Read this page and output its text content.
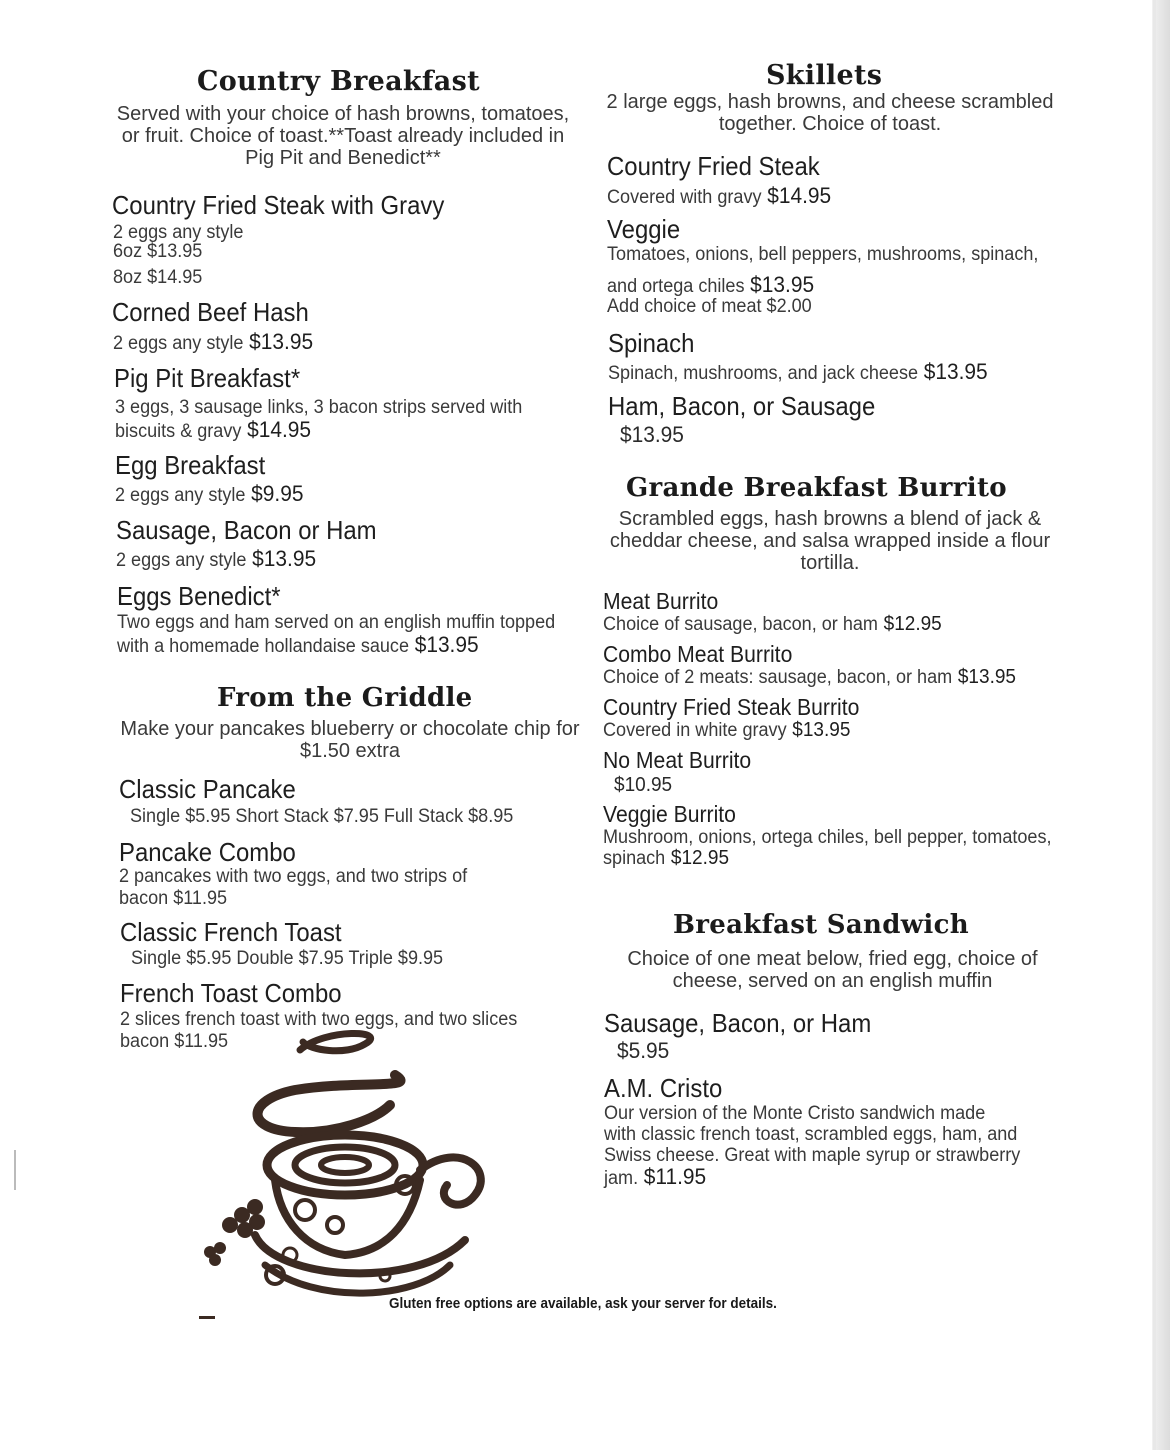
Country Breakfast
Served with your choice of hash browns, tomatoes,
or fruit. Choice of toast.**Toast already included in
Pig Pit and Benedict**
Country Fried Steak with Gravy
2 eggs any style
6oz $13.95
8oz $14.95
Corned Beef Hash
2 eggs any style $13.95
Pig Pit Breakfast*
3 eggs, 3 sausage links, 3 bacon strips served with
biscuits & gravy $14.95
Egg Breakfast
2 eggs any style $9.95
Sausage, Bacon or Ham
2 eggs any style $13.95
Eggs Benedict*
Two eggs and ham served on an english muffin topped
with a homemade hollandaise sauce $13.95
From the Griddle
Make your pancakes blueberry or chocolate chip for
$1.50 extra
Classic Pancake
Single $5.95 Short Stack $7.95 Full Stack $8.95
Pancake Combo
2 pancakes with two eggs, and two strips of
bacon $11.95
Classic French Toast
Single $5.95 Double $7.95 Triple $9.95
French Toast Combo
2 slices french toast with two eggs, and two slices
bacon $11.95
Skillets
2 large eggs, hash browns, and cheese scrambled
together. Choice of toast.
Country Fried Steak
Covered with gravy $14.95
Veggie
Tomatoes, onions, bell peppers, mushrooms, spinach,
and ortega chiles $13.95
Add choice of meat $2.00
Spinach
Spinach, mushrooms, and jack cheese $13.95
Ham, Bacon, or Sausage
$13.95
Grande Breakfast Burrito
Scrambled eggs, hash browns a blend of jack &
cheddar cheese, and salsa wrapped inside a flour
tortilla.
Meat Burrito
Choice of sausage, bacon, or ham $12.95
Combo Meat Burrito
Choice of 2 meats: sausage, bacon, or ham $13.95
Country Fried Steak Burrito
Covered in white gravy $13.95
No Meat Burrito
$10.95
Veggie Burrito
Mushroom, onions, ortega chiles, bell pepper, tomatoes,
spinach $12.95
Breakfast Sandwich
Choice of one meat below, fried egg, choice of
cheese, served on an english muffin
Sausage, Bacon, or Ham
$5.95
A.M. Cristo
Our version of the Monte Cristo sandwich made
with classic french toast, scrambled eggs, ham, and
Swiss cheese. Great with maple syrup or strawberry
jam. $11.95
Gluten free options are available, ask your server for details.
